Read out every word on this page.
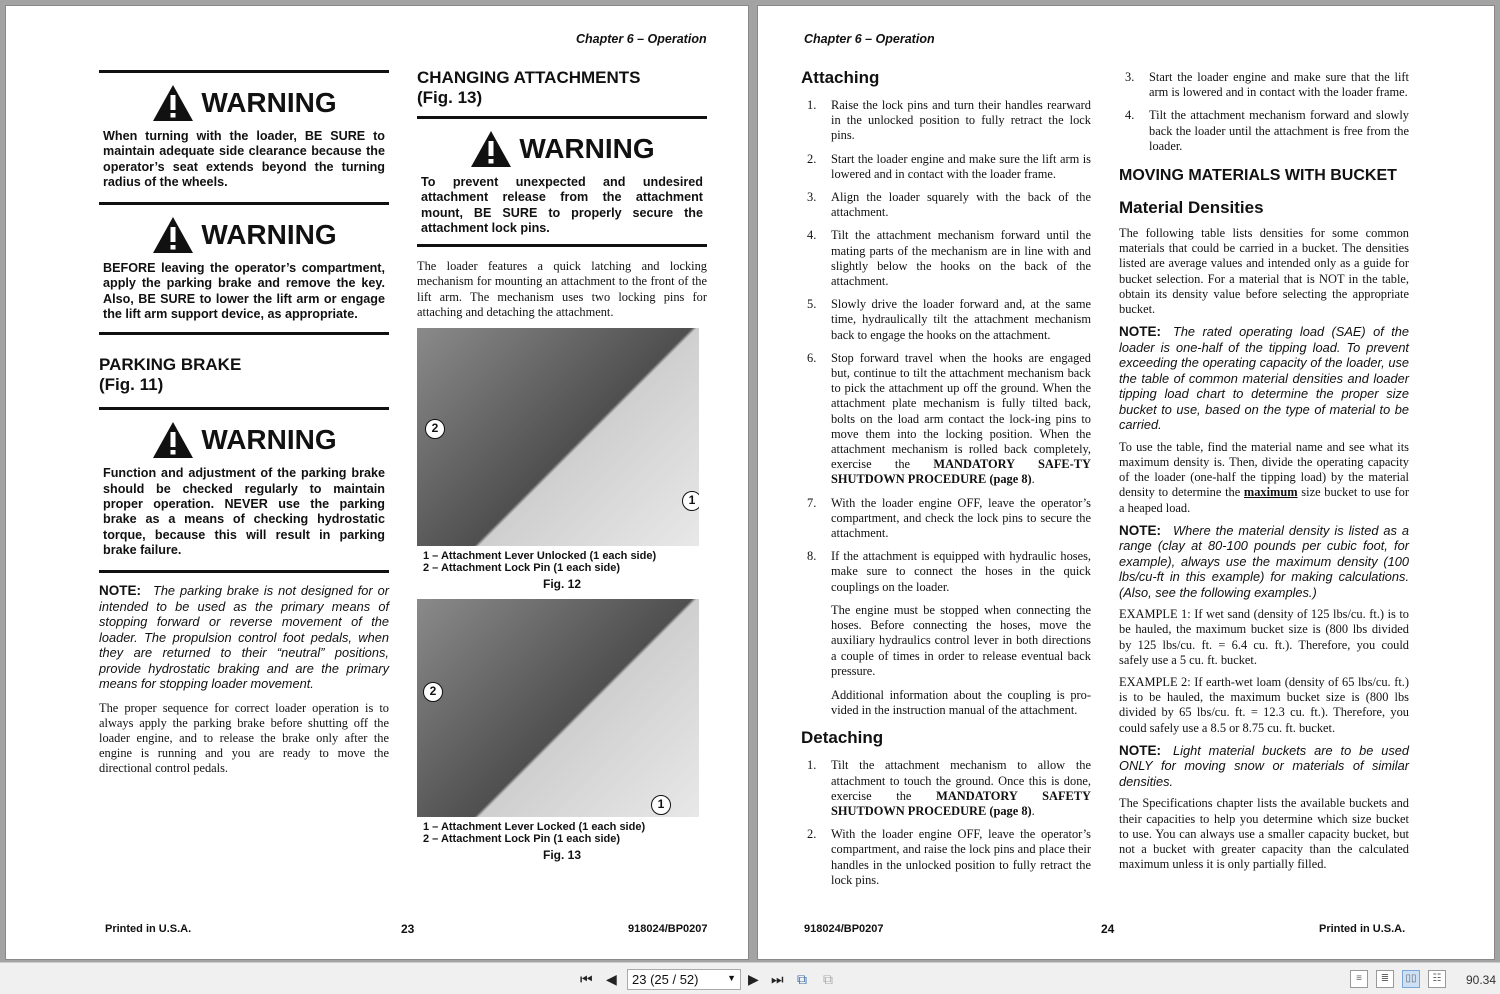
Chapter 6 – Operation
WARNING
When turning with the loader, BE SURE to maintain adequate side clearance because the operator’s seat extends beyond the turning radius of the wheels.
WARNING
BEFORE leaving the operator’s compartment, apply the parking brake and remove the key. Also, BE SURE to lower the lift arm or engage the lift arm support device, as appropriate.
PARKING BRAKE
(Fig. 11)
WARNING
Function and adjustment of the parking brake should be checked regularly to maintain proper operation. NEVER use the parking brake as a means of checking hydrostatic torque, because this will result in parking brake failure.
NOTE: The parking brake is not designed for or intended to be used as the primary means of stopping forward or reverse movement of the loader. The propulsion control foot pedals, when they are returned to their “neutral” positions, provide hydrostatic braking and are the primary means for stopping loader movement.
The proper sequence for correct loader operation is to always apply the parking brake before shutting off the loader engine, and to release the brake only after the engine is running and you are ready to move the directional control pedals.
CHANGING ATTACHMENTS
(Fig. 13)
WARNING
To prevent unexpected and undesired attachment release from the attachment mount, BE SURE to properly secure the attachment lock pins.
The loader features a quick latching and locking mechanism for mounting an attachment to the front of the lift arm. The mechanism uses two locking pins for attaching and detaching the attachment.
1
2
1 – Attachment Lever Unlocked (1 each side)
2 – Attachment Lock Pin (1 each side)
Fig. 12
1
2
1 – Attachment Lever Locked (1 each side)
2 – Attachment Lock Pin (1 each side)
Fig. 13
Printed in U.S.A.	23	918024/BP0207
Chapter 6 – Operation
Attaching
1.	Raise the lock pins and turn their handles rearward in the unlocked position to fully retract the lock pins.
2.	Start the loader engine and make sure the lift arm is lowered and in contact with the loader frame.
3.	Align the loader squarely with the back of the attachment.
4.	Tilt the attachment mechanism forward until the mating parts of the mechanism are in line with and slightly below the hooks on the back of the attachment.
5.	Slowly drive the loader forward and, at the same time, hydraulically tilt the attachment mechanism back to engage the hooks on the attachment.
6.	Stop forward travel when the hooks are engaged but, continue to tilt the attachment mechanism back to pick the attachment up off the ground. When the attachment plate mechanism is fully tilted back, bolts on the load arm contact the lock-ing pins to move them into the locking position. When the attachment mechanism is rolled back completely, exercise the MANDATORY SAFE-TY SHUTDOWN PROCEDURE (page 8).
7.	With the loader engine OFF, leave the operator’s compartment, and check the lock pins to secure the attachment.
8.	If the attachment is equipped with hydraulic hoses, make sure to connect the hoses in the quick couplings on the loader.
The engine must be stopped when connecting the hoses. Before connecting the hoses, move the auxiliary hydraulics control lever in both directions a couple of times in order to release eventual back pressure.
Additional information about the coupling is pro-vided in the instruction manual of the attachment.
Detaching
1.	Tilt the attachment mechanism to allow the attachment to touch the ground. Once this is done, exercise the MANDATORY SAFETY SHUTDOWN PROCEDURE (page 8).
2.	With the loader engine OFF, leave the operator’s compartment, and raise the lock pins and place their handles in the unlocked position to fully retract the lock pins.
3.	Start the loader engine and make sure that the lift arm is lowered and in contact with the loader frame.
4.	Tilt the attachment mechanism forward and slowly back the loader until the attachment is free from the loader.
MOVING MATERIALS WITH BUCKET
Material Densities
The following table lists densities for some common materials that could be carried in a bucket. The densities listed are average values and intended only as a guide for bucket selection. For a material that is NOT in the table, obtain its density value before selecting the appropriate bucket.
NOTE: The rated operating load (SAE) of the loader is one-half of the tipping load. To prevent exceeding the operating capacity of the loader, use the table of common material densities and loader tipping load chart to determine the proper size bucket to use, based on the type of material to be carried.
To use the table, find the material name and see what its maximum density is. Then, divide the operating capacity of the loader (one-half the tipping load) by the material density to determine the maximum size bucket to use for a heaped load.
NOTE: Where the material density is listed as a range (clay at 80-100 pounds per cubic foot, for example), always use the maximum density (100 lbs/cu-ft in this example) for making calculations. (Also, see the following examples.)
EXAMPLE 1: If wet sand (density of 125 lbs/cu. ft.) is to be hauled, the maximum bucket size is (800 lbs divided by 125 lbs/cu. ft. = 6.4 cu. ft.). Therefore, you could safely use a 5 cu. ft. bucket.
EXAMPLE 2: If earth-wet loam (density of 65 lbs/cu. ft.) is to be hauled, the maximum bucket size is (800 lbs divided by 65 lbs/cu. ft. = 12.3 cu. ft.). Therefore, you could safely use a 8.5 or 8.75 cu. ft. bucket.
NOTE: Light material buckets are to be used ONLY for moving snow or materials of similar densities.
The Specifications chapter lists the available buckets and their capacities to help you determine which size bucket to use. You can always use a smaller capacity bucket, but not a bucket with greater capacity than the calculated maximum unless it is only partially filled.
918024/BP0207	24	Printed in U.S.A.
⏮ ◀	23 (25 / 52)	▼ ▶ ⏭ ⧉ ⧉	≡	≣	▯▯	☷	90.34
